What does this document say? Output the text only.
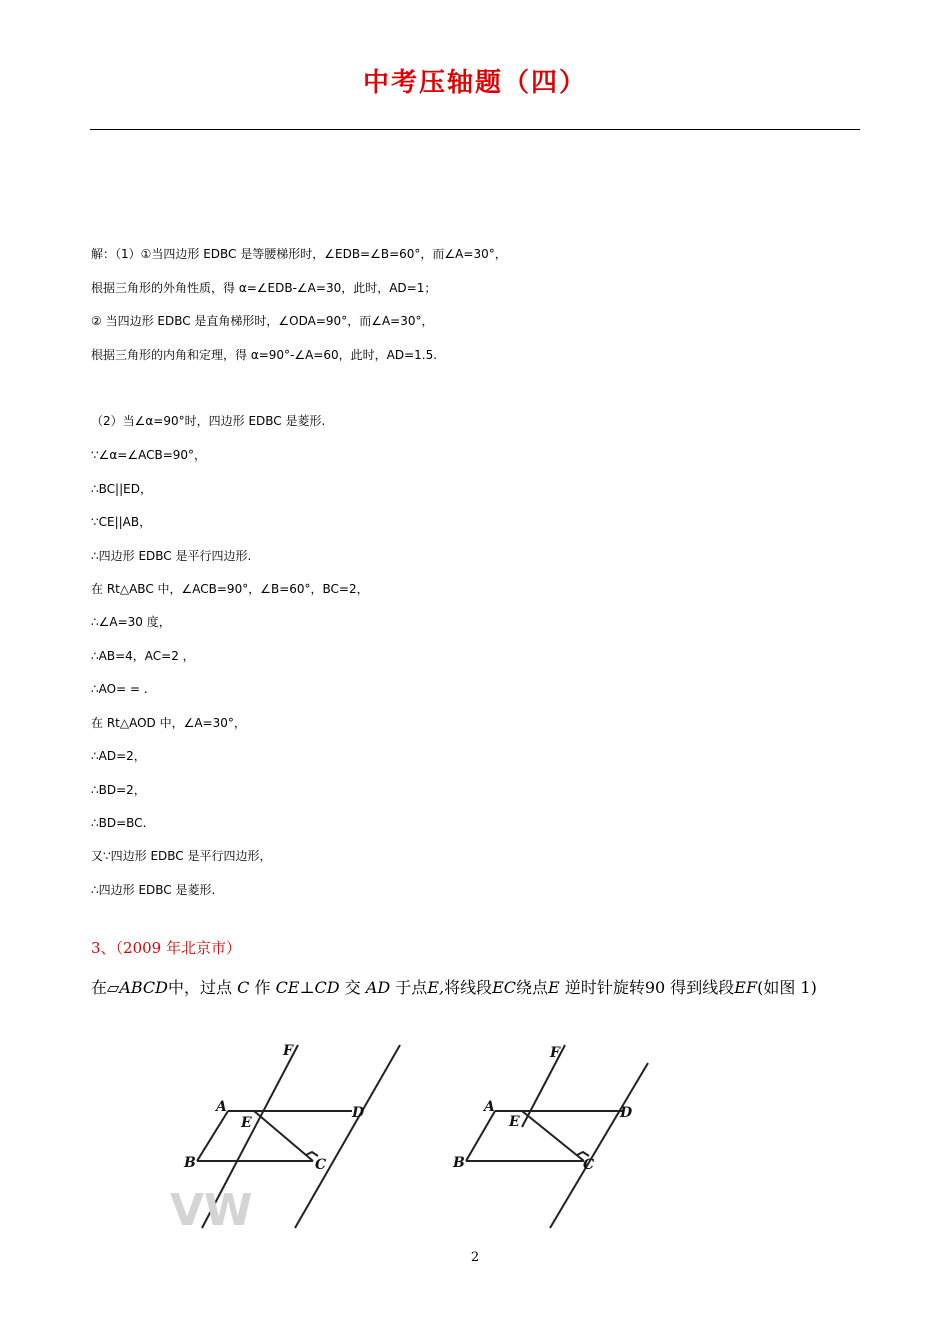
中考压轴题（四）
解：（1）①当四边形 EDBC 是等腰梯形时，∠EDB=∠B=60°，而∠A=30°，
根据三角形的外角性质，得 α=∠EDB-∠A=30，此时，AD=1；
② 当四边形 EDBC 是直角梯形时，∠ODA=90°，而∠A=30°，
根据三角形的内角和定理，得 α=90°-∠A=60，此时，AD=1.5.
（2）当∠α=90°时，四边形 EDBC 是菱形.
∵∠α=∠ACB=90°，
∴BC||ED，
∵CE||AB，
∴四边形 EDBC 是平行四边形.
在 Rt△ABC 中，∠ACB=90°，∠B=60°，BC=2，
∴∠A=30 度，
∴AB=4，AC=2 ，
∴AO= = .
在 Rt△AOD 中，∠A=30°，
∴AD=2，
∴BD=2，
∴BD=BC.
又∵四边形 EDBC 是平行四边形，
∴四边形 EDBC 是菱形.
3、（2009 年北京市）
在▱ABCD中，过点 C 作 CE⊥CD 交 AD 于点E,将线段EC绕点E 逆时针旋转90 得到线段EF(如图 1)
F
A
E
D
B	C
VW
F
A
E
D
B	C
2
